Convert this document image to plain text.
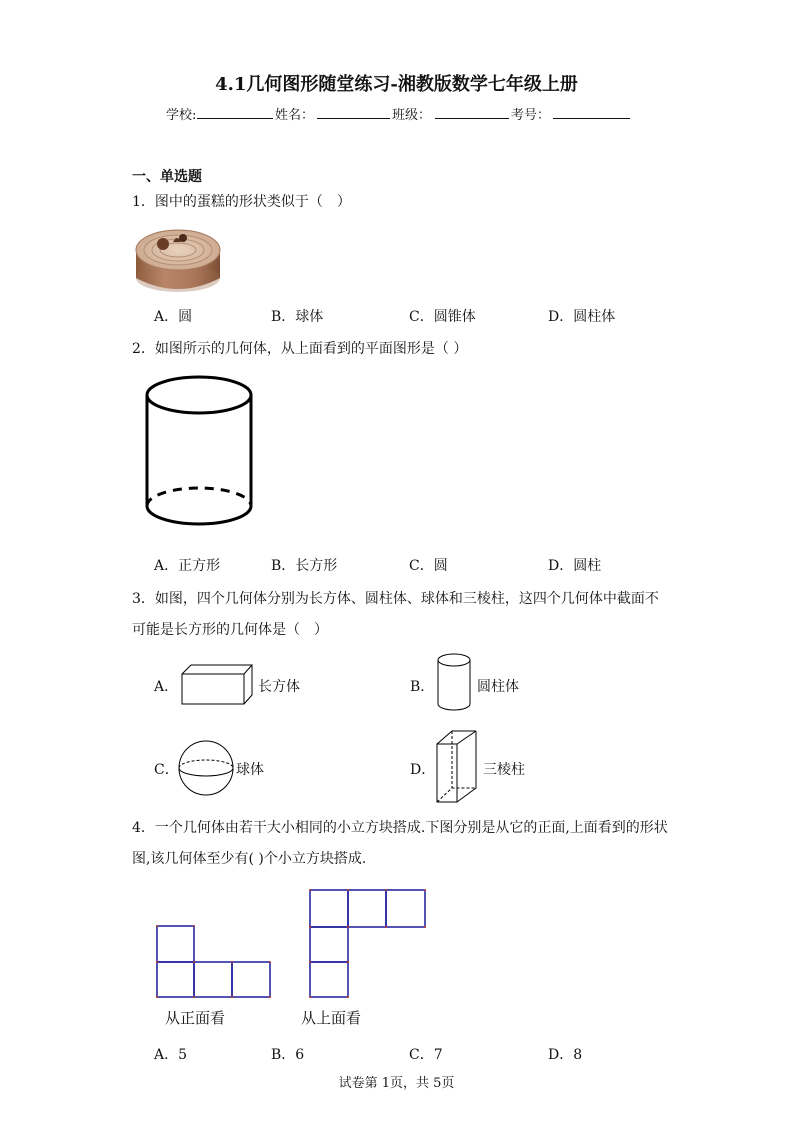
4.1几何图形随堂练习-湘教版数学七年级上册
学校:	姓名：	班级：	考号：
一、单选题
1．图中的蛋糕的形状类似于（　）
A．圆	B．球体	C．圆锥体	D．圆柱体
2．如图所示的几何体，从上面看到的平面图形是（ ）
A．正方形	B．长方形	C．圆	D．圆柱
3．如图，四个几何体分别为长方体、圆柱体、球体和三棱柱，这四个几何体中截面不
可能是长方形的几何体是（　）
A．	长方体	B．	圆柱体
C．	球体	D．	三棱柱
4．一个几何体由若干大小相同的小立方块搭成.下图分别是从它的正面,上面看到的形状
图,该几何体至少有( )个小立方块搭成.
从正面看	从上面看
A．5	B．6	C．7	D．8
试卷第 1页，共 5页
